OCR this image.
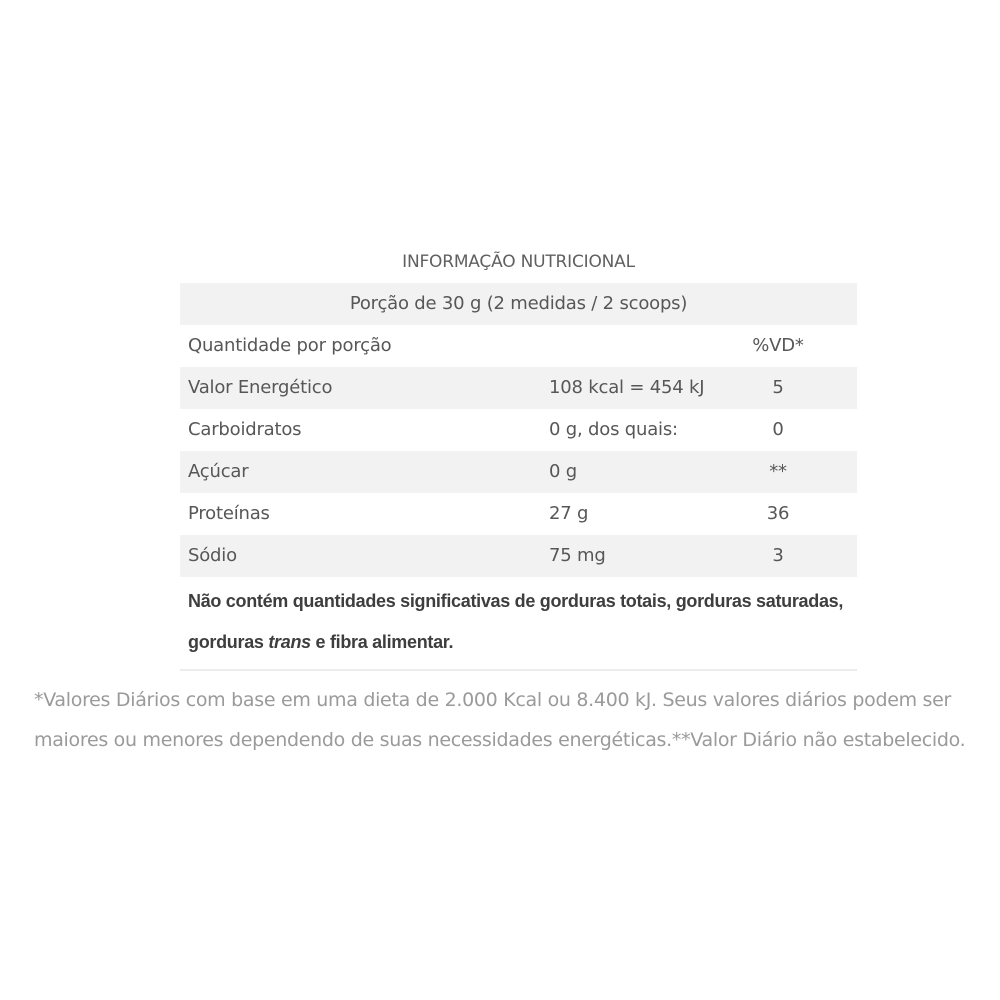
INFORMAÇÃO NUTRICIONAL
Porção de 30 g (2 medidas / 2 scoops)
Quantidade por porção	%VD*
Valor Energético	108 kcal = 454 kJ	5
Carboidratos	0 g, dos quais:	0
Açúcar	0 g	**
Proteínas	27 g	36
Sódio	75 mg	3
Não contém quantidades significativas de gorduras totais, gorduras saturadas, gorduras trans e fibra alimentar.
*Valores Diários com base em uma dieta de 2.000 Kcal ou 8.400 kJ. Seus valores diários podem ser maiores ou menores dependendo de suas necessidades energéticas.**Valor Diário não estabelecido.
